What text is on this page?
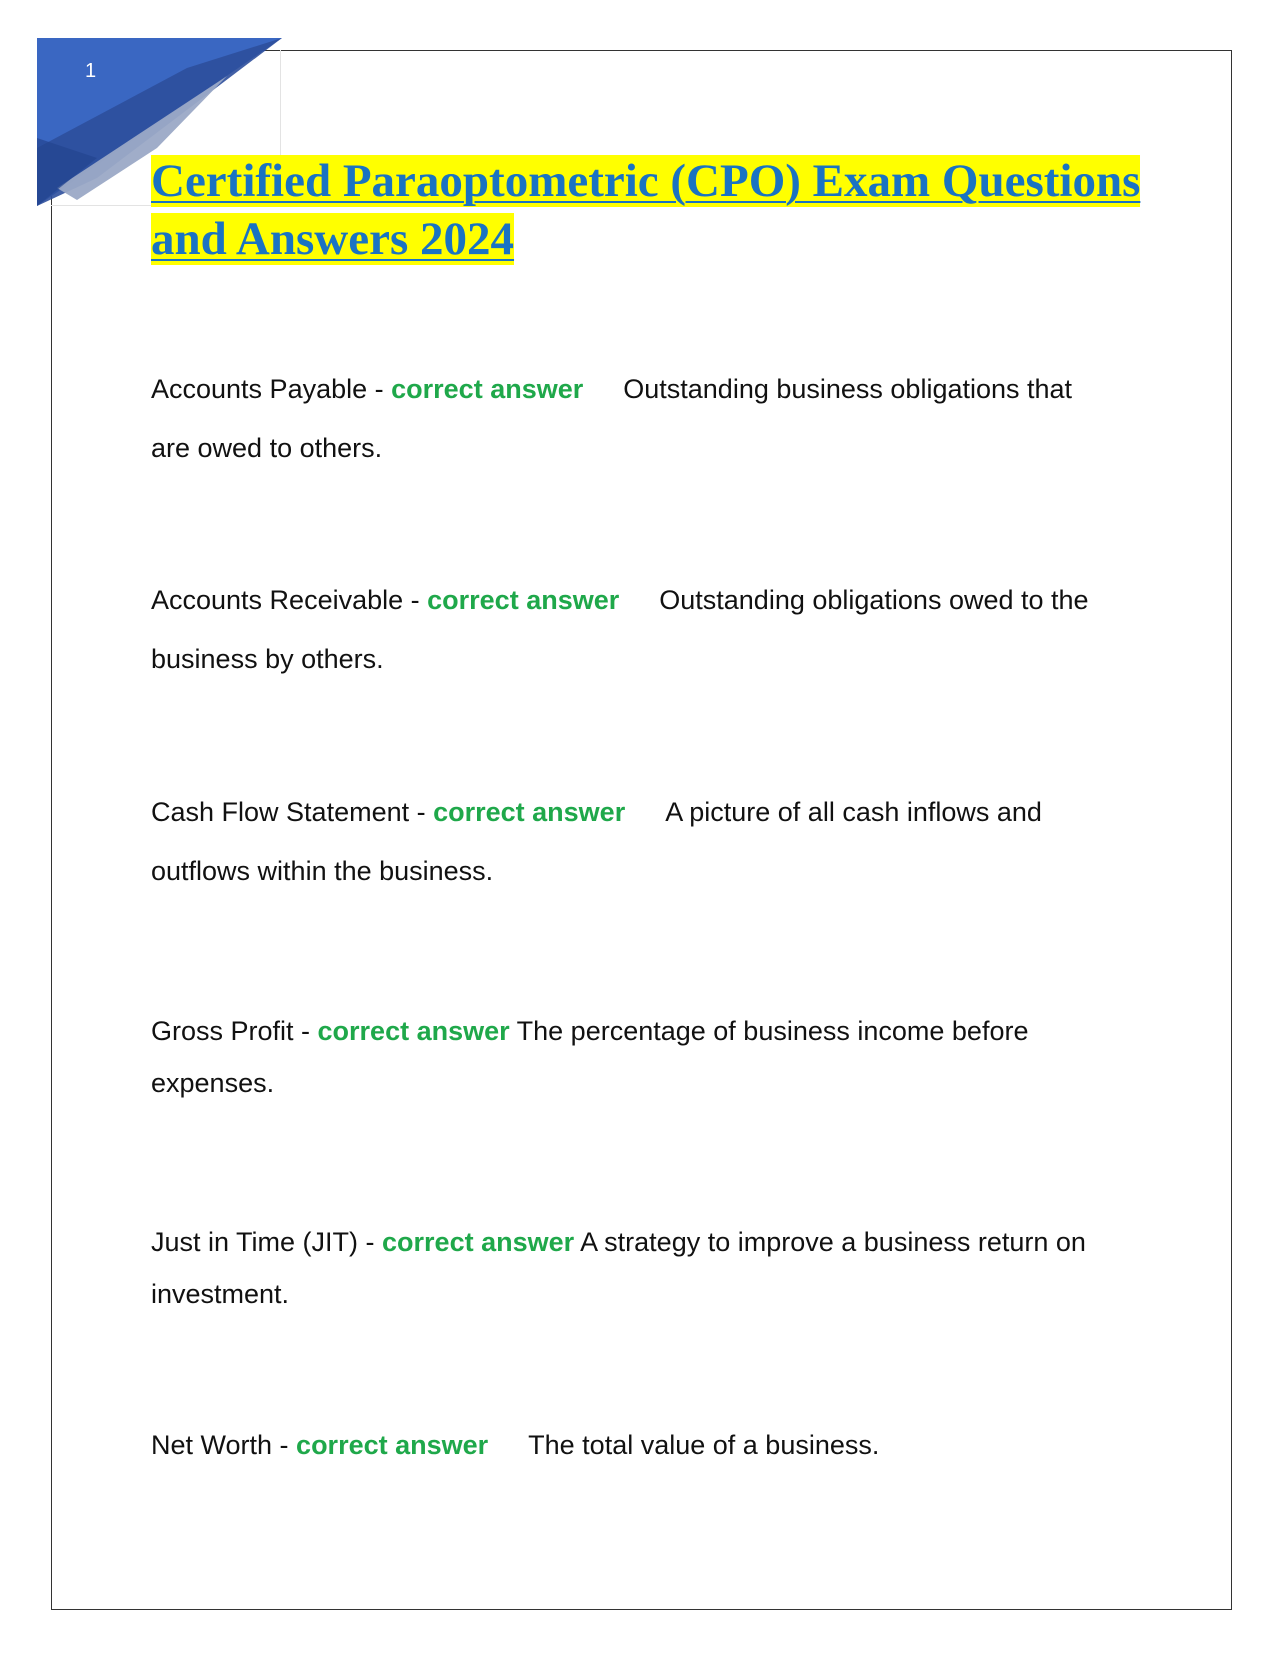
1
Certified Paraoptometric (CPO) Exam Questions and Answers 2024

Accounts Payable - correct answer Outstanding business obligations that are owed to others.

Accounts Receivable - correct answer Outstanding obligations owed to the business by others.

Cash Flow Statement - correct answer A picture of all cash inflows and outflows within the business.

Gross Profit - correct answer The percentage of business income before expenses.

Just in Time (JIT) - correct answer A strategy to improve a business return on investment.

Net Worth - correct answer The total value of a business.
